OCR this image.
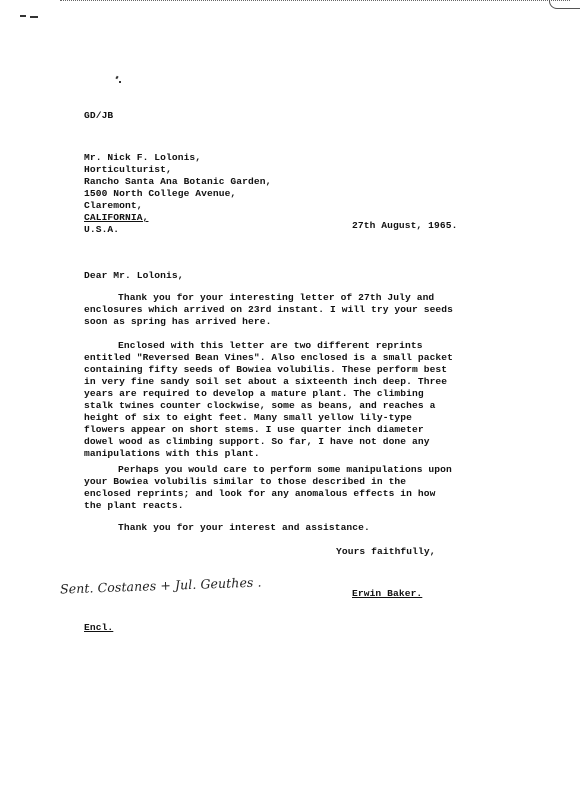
GD/JB
Mr. Nick F. Lolonis,
Horticulturist,
Rancho Santa Ana Botanic Garden,
1500 North College Avenue,
Claremont,
CALIFORNIA,
U.S.A.	27th August, 1965.
Dear Mr. Lolonis,
Thank you for your interesting letter of 27th July and
enclosures which arrived on 23rd instant. I will try your seeds
soon as spring has arrived here.
Enclosed with this letter are two different reprints
entitled "Reversed Bean Vines". Also enclosed is a small packet
containing fifty seeds of Bowiea volubilis. These perform best
in very fine sandy soil set about a sixteenth inch deep. Three
years are required to develop a mature plant. The climbing
stalk twines counter clockwise, some as beans, and reaches a
height of six to eight feet. Many small yellow lily-type
flowers appear on short stems. I use quarter inch diameter
dowel wood as climbing support. So far, I have not done any
manipulations with this plant.
Perhaps you would care to perform some manipulations upon
your Bowiea volubilis similar to those described in the
enclosed reprints; and look for any anomalous effects in how
the plant reacts.
Thank you for your interest and assistance.
Yours faithfully,
Sent. Costanes + Jul. Geuthes .	Erwin Baker.
Encl.
